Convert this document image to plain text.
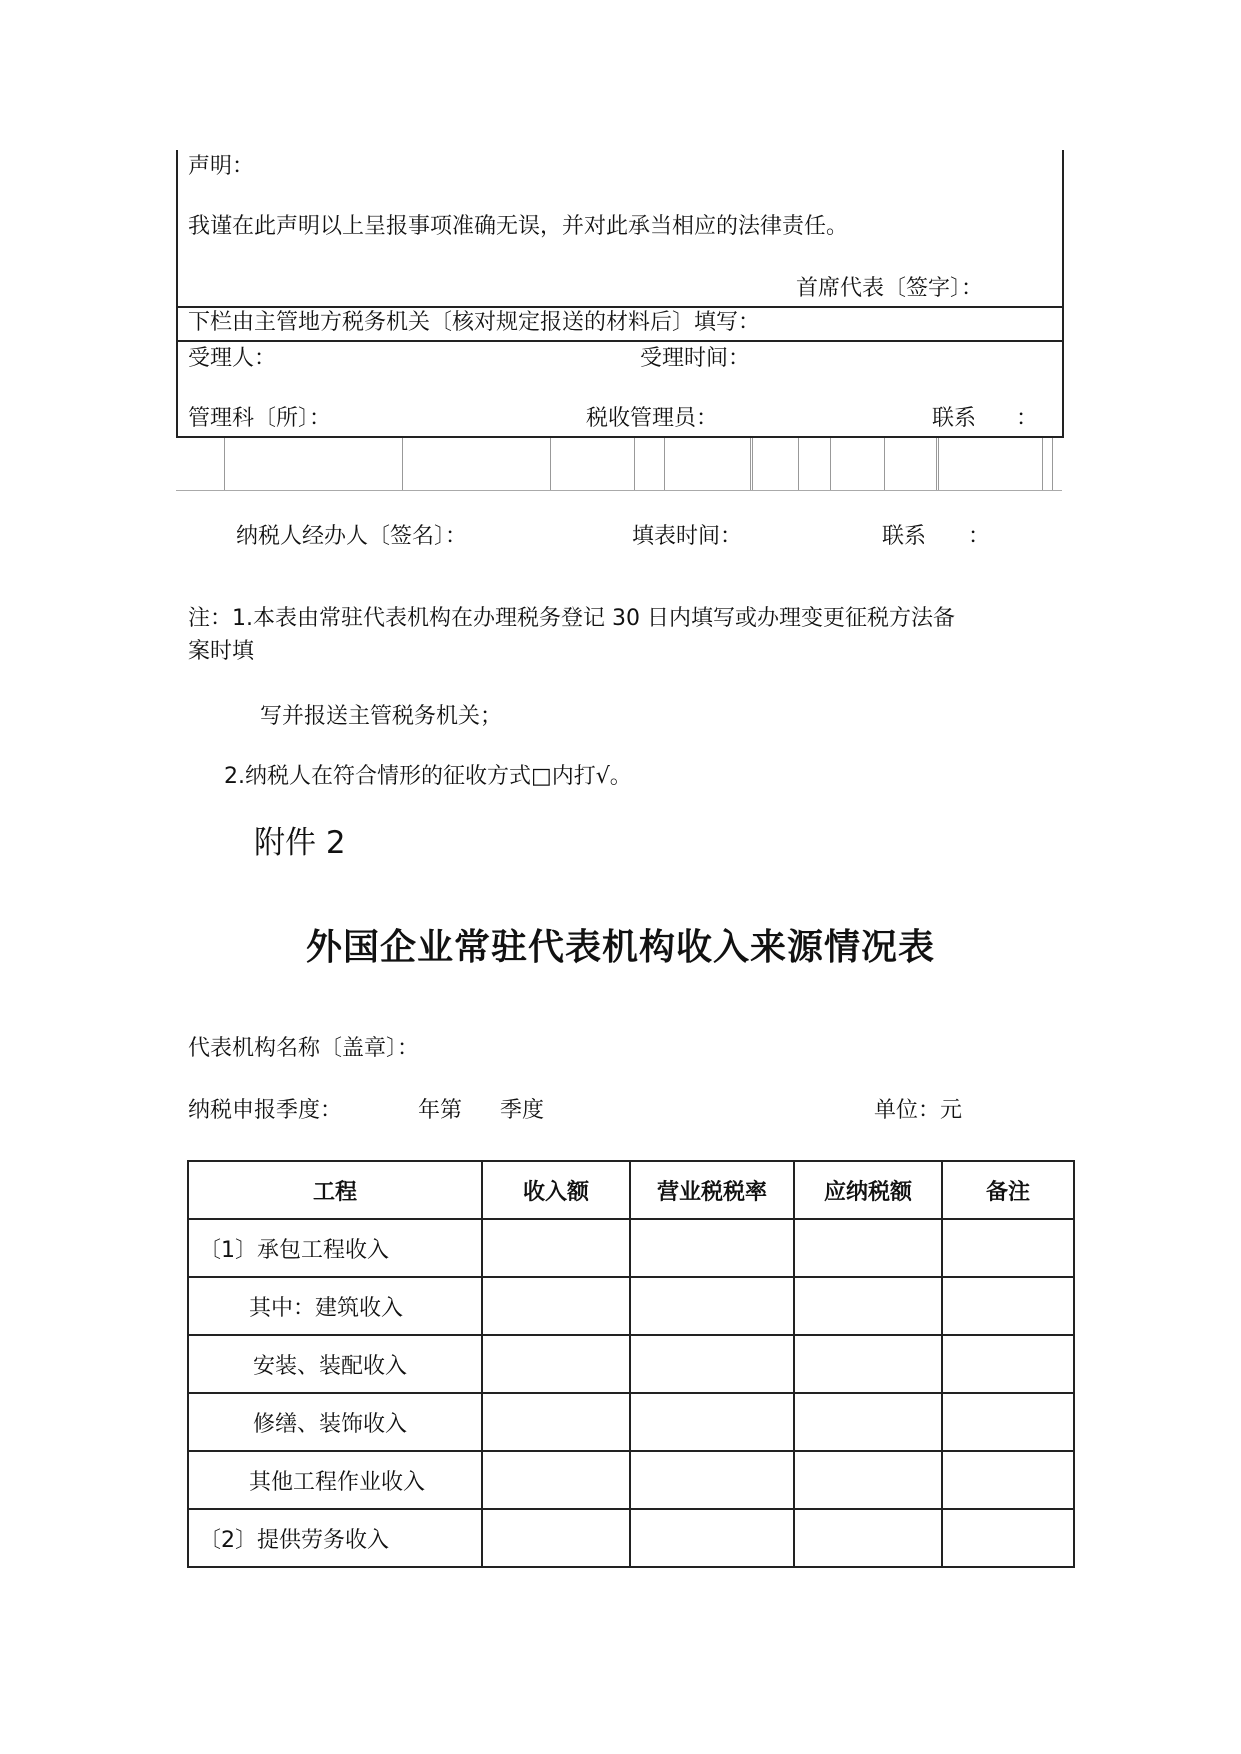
声明：
我谨在此声明以上呈报事项准确无误，并对此承当相应的法律责任。
首席代表〔签字〕：
下栏由主管地方税务机关〔核对规定报送的材料后〕填写：
受理人：	受理时间：
管理科〔所〕：	税收管理员：	联系 ：
纳税人经办人〔签名〕：	填表时间：	联系 ：
注：1.本表由常驻代表机构在办理税务登记 30 日内填写或办理变更征税方法备
案时填
写并报送主管税务机关；
2.纳税人在符合情形的征收方式□内打√。
附件 2
外国企业常驻代表机构收入来源情况表
代表机构名称〔盖章〕：
纳税申报季度：	年第 季度	单位：元
工程	收入额	营业税税率	应纳税额	备注
〔1〕承包工程收入				
其中：建筑收入				
安装、装配收入				
修缮、装饰收入				
其他工程作业收入				
〔2〕提供劳务收入				
